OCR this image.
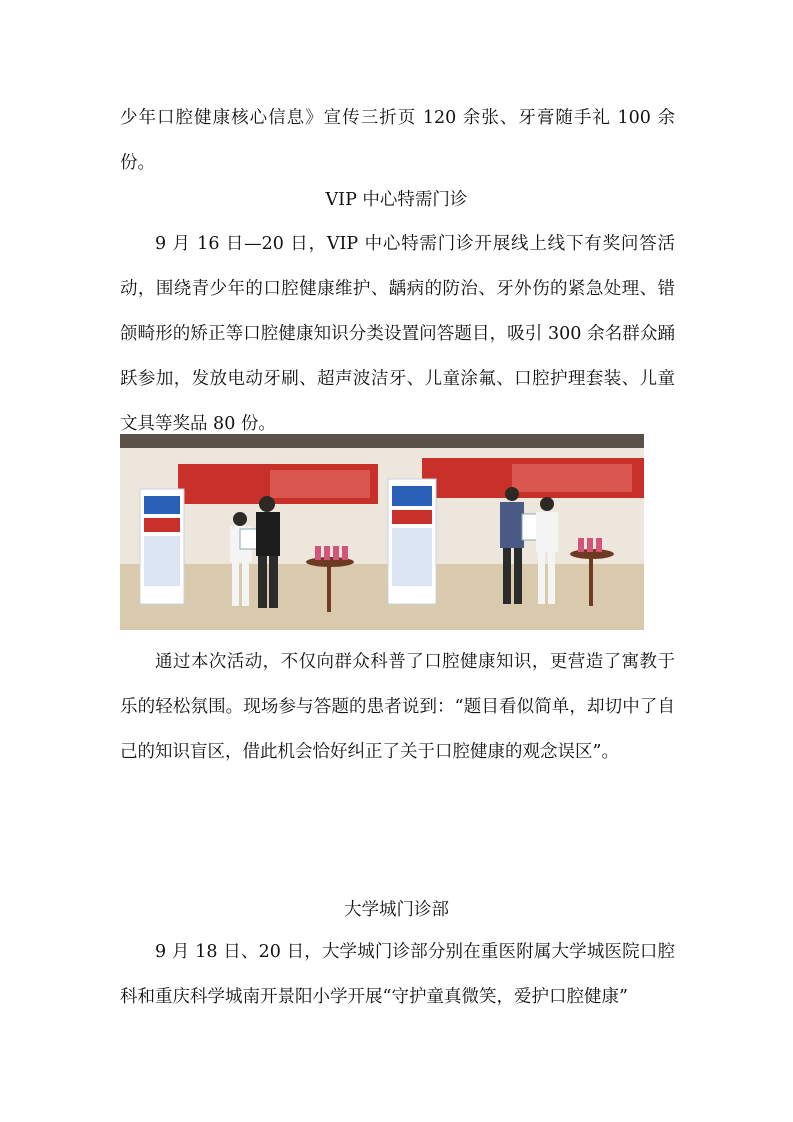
少年口腔健康核心信息》宣传三折页 120 余张、牙膏随手礼 100 余份。

VIP 中心特需门诊

9 月 16 日—20 日，VIP 中心特需门诊开展线上线下有奖问答活动，围绕青少年的口腔健康维护、龋病的防治、牙外伤的紧急处理、错颌畸形的矫正等口腔健康知识分类设置问答题目，吸引 300 余名群众踊跃参加，发放电动牙刷、超声波洁牙、儿童涂氟、口腔护理套装、儿童文具等奖品 80 份。

通过本次活动，不仅向群众科普了口腔健康知识，更营造了寓教于乐的轻松氛围。现场参与答题的患者说到：“题目看似简单，却切中了自己的知识盲区，借此机会恰好纠正了关于口腔健康的观念误区”。

大学城门诊部

9 月 18 日、20 日，大学城门诊部分别在重医附属大学城医院口腔科和重庆科学城南开景阳小学开展“守护童真微笑，爱护口腔健康”
